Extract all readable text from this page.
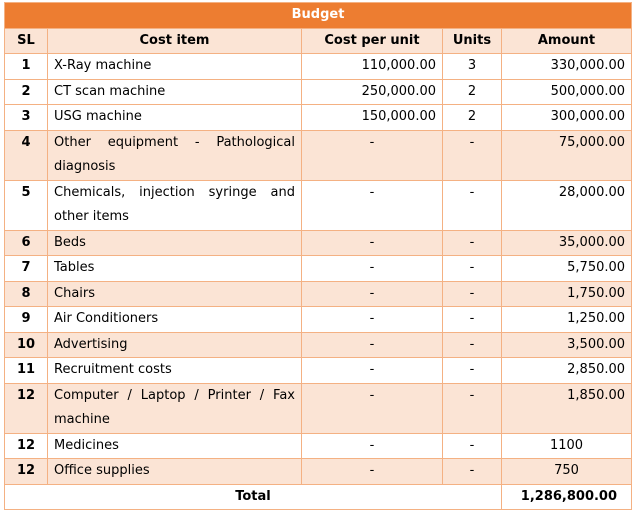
Budget				
SL	Cost item	Cost per unit	Units	Amount
1	X-Ray machine	110,000.00	3	330,000.00
2	CT scan machine	250,000.00	2	500,000.00
3	USG machine	150,000.00	2	300,000.00
4	Other equipment - Pathological diagnosis	-	-	75,000.00
5	Chemicals, injection syringe and other items	-	-	28,000.00
6	Beds	-	-	35,000.00
7	Tables	-	-	5,750.00
8	Chairs	-	-	1,750.00
9	Air Conditioners	-	-	1,250.00
10	Advertising	-	-	3,500.00
11	Recruitment costs	-	-	2,850.00
12	Computer / Laptop / Printer / Fax machine	-	-	1,850.00
12	Medicines	-	-	1100
12	Office supplies	-	-	750
Total				1,286,800.00
